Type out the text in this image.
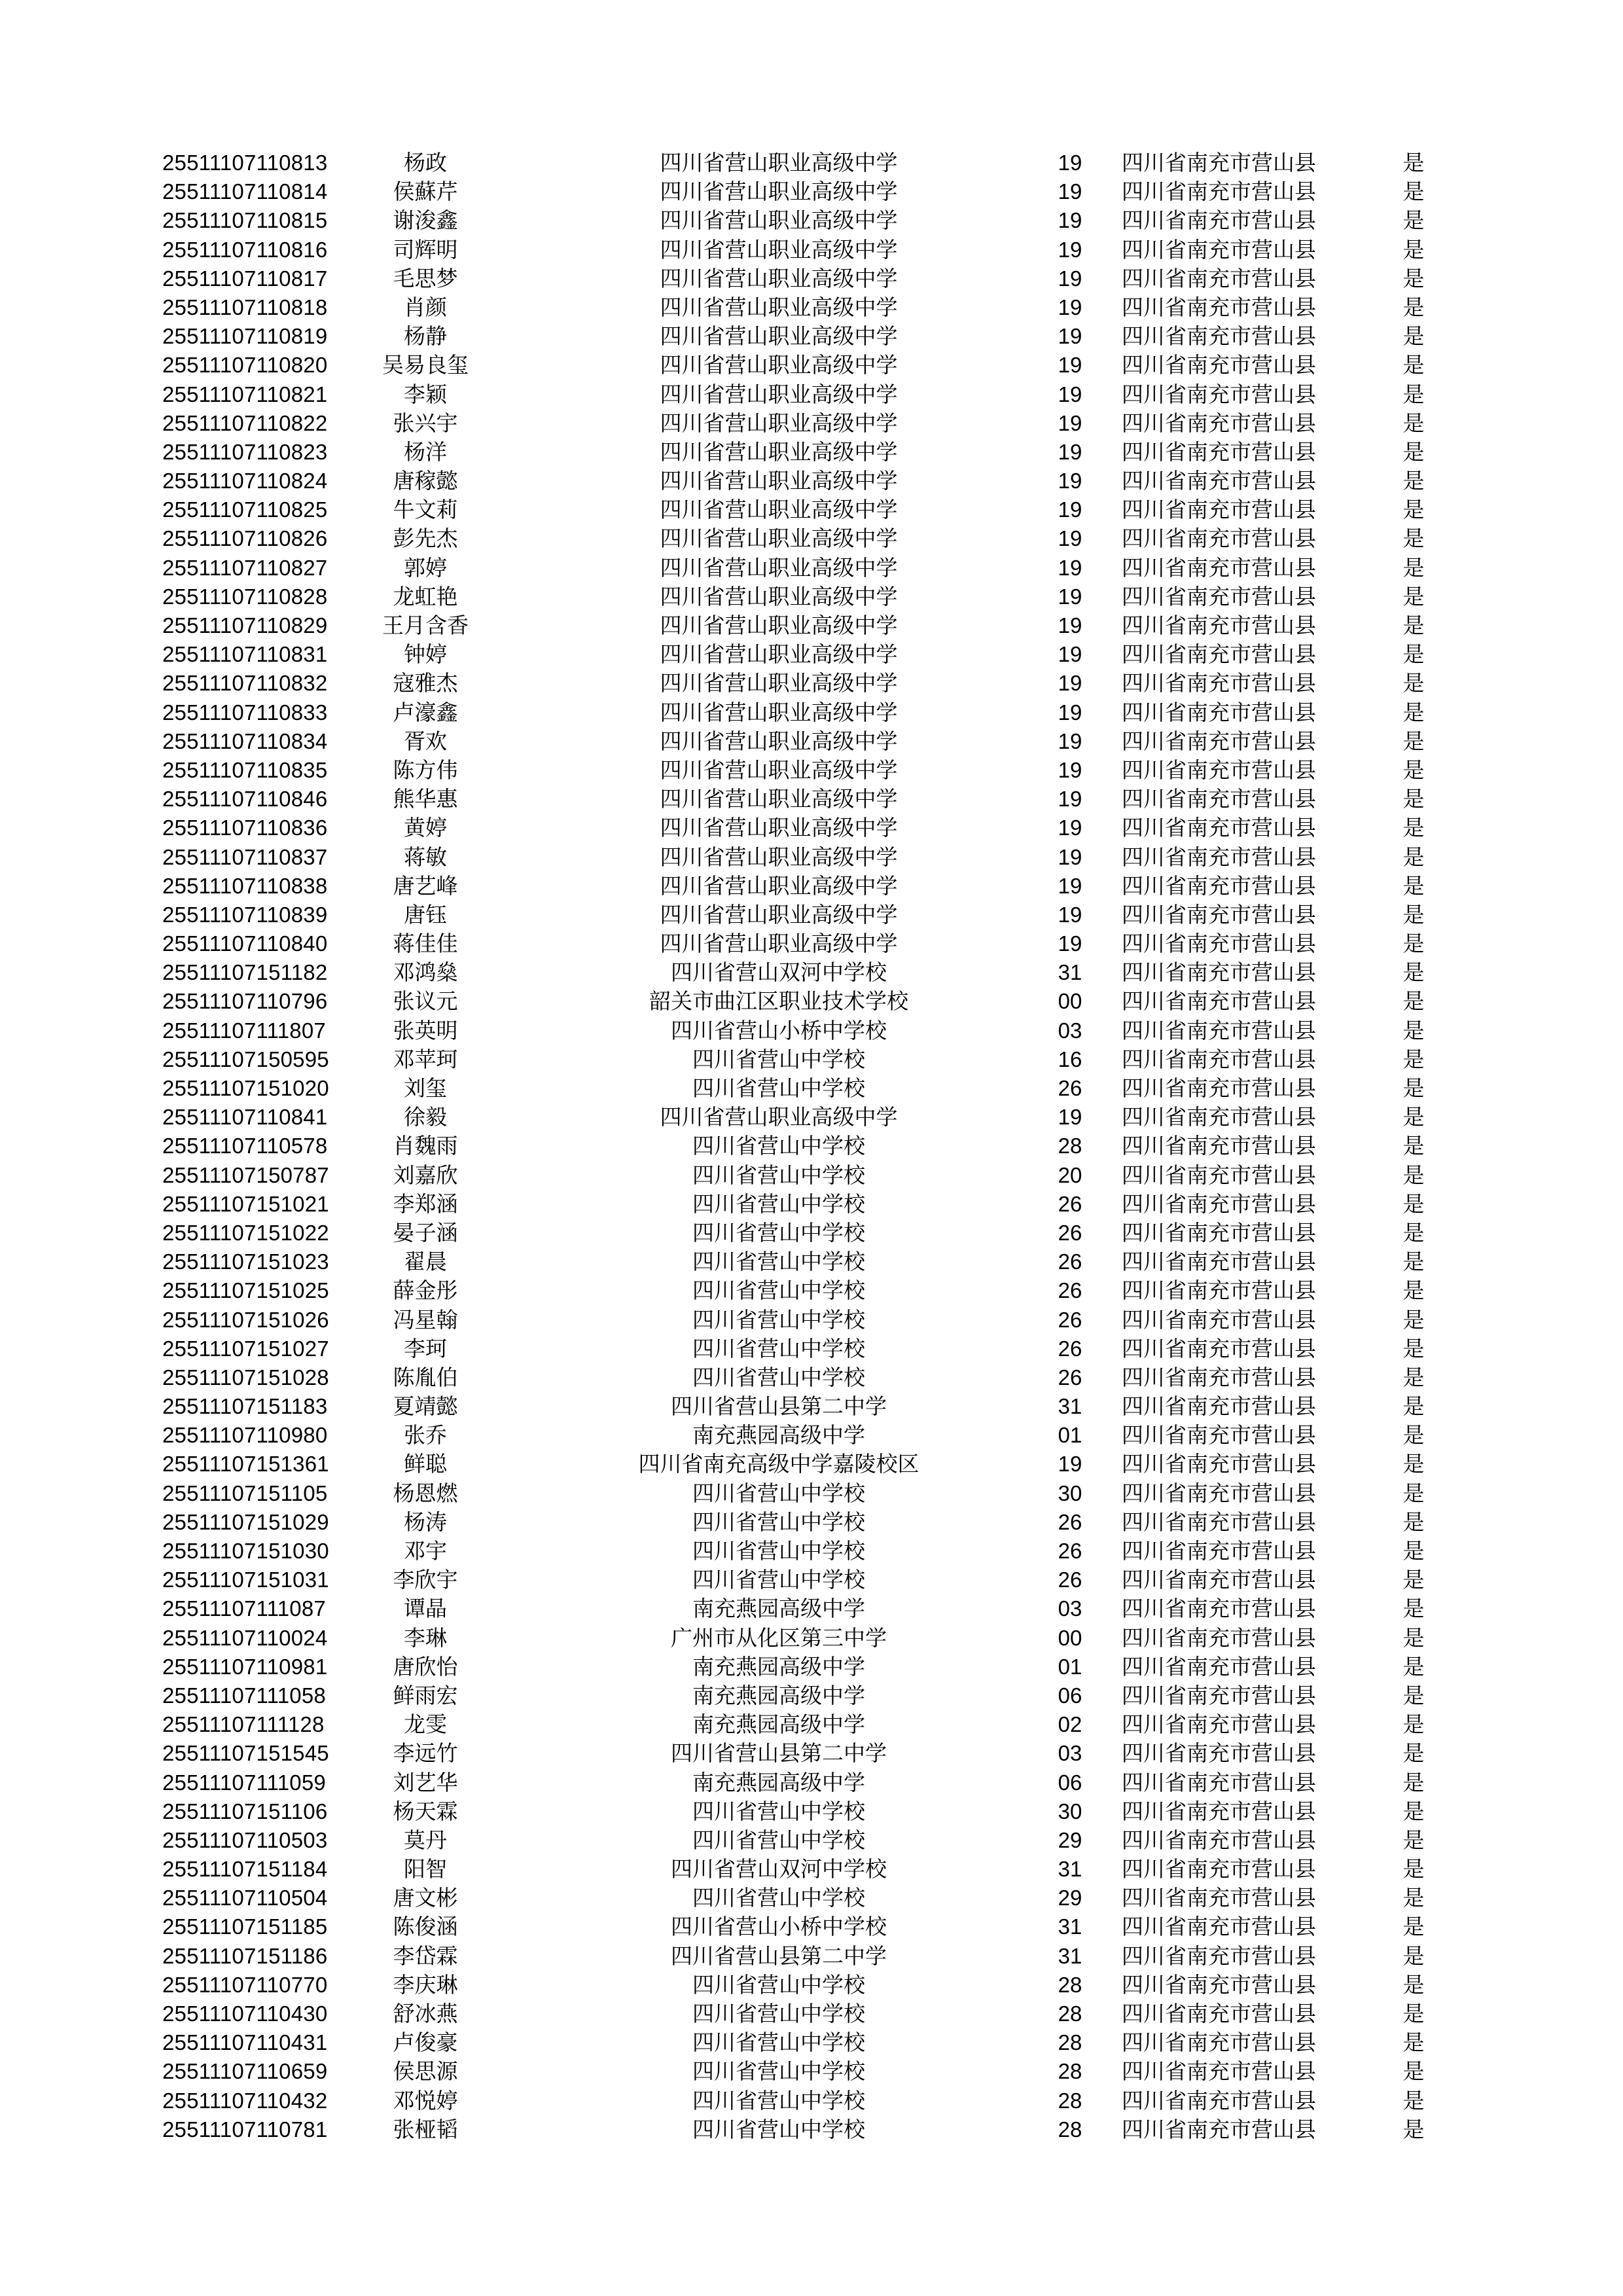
25511107110813	杨政	四川省营山职业高级中学	19	四川省南充市营山县	是
25511107110814	侯蘇芹	四川省营山职业高级中学	19	四川省南充市营山县	是
25511107110815	谢浚鑫	四川省营山职业高级中学	19	四川省南充市营山县	是
25511107110816	司辉明	四川省营山职业高级中学	19	四川省南充市营山县	是
25511107110817	毛思梦	四川省营山职业高级中学	19	四川省南充市营山县	是
25511107110818	肖颜	四川省营山职业高级中学	19	四川省南充市营山县	是
25511107110819	杨静	四川省营山职业高级中学	19	四川省南充市营山县	是
25511107110820	吴易良玺	四川省营山职业高级中学	19	四川省南充市营山县	是
25511107110821	李颖	四川省营山职业高级中学	19	四川省南充市营山县	是
25511107110822	张兴宇	四川省营山职业高级中学	19	四川省南充市营山县	是
25511107110823	杨洋	四川省营山职业高级中学	19	四川省南充市营山县	是
25511107110824	唐稼懿	四川省营山职业高级中学	19	四川省南充市营山县	是
25511107110825	牛文莉	四川省营山职业高级中学	19	四川省南充市营山县	是
25511107110826	彭先杰	四川省营山职业高级中学	19	四川省南充市营山县	是
25511107110827	郭婷	四川省营山职业高级中学	19	四川省南充市营山县	是
25511107110828	龙虹艳	四川省营山职业高级中学	19	四川省南充市营山县	是
25511107110829	王月含香	四川省营山职业高级中学	19	四川省南充市营山县	是
25511107110831	钟婷	四川省营山职业高级中学	19	四川省南充市营山县	是
25511107110832	寇雅杰	四川省营山职业高级中学	19	四川省南充市营山县	是
25511107110833	卢濠鑫	四川省营山职业高级中学	19	四川省南充市营山县	是
25511107110834	胥欢	四川省营山职业高级中学	19	四川省南充市营山县	是
25511107110835	陈方伟	四川省营山职业高级中学	19	四川省南充市营山县	是
25511107110846	熊华惠	四川省营山职业高级中学	19	四川省南充市营山县	是
25511107110836	黄婷	四川省营山职业高级中学	19	四川省南充市营山县	是
25511107110837	蒋敏	四川省营山职业高级中学	19	四川省南充市营山县	是
25511107110838	唐艺峰	四川省营山职业高级中学	19	四川省南充市营山县	是
25511107110839	唐钰	四川省营山职业高级中学	19	四川省南充市营山县	是
25511107110840	蒋佳佳	四川省营山职业高级中学	19	四川省南充市营山县	是
25511107151182	邓鸿燊	四川省营山双河中学校	31	四川省南充市营山县	是
25511107110796	张议元	韶关市曲江区职业技术学校	00	四川省南充市营山县	是
25511107111807	张英明	四川省营山小桥中学校	03	四川省南充市营山县	是
25511107150595	邓苹珂	四川省营山中学校	16	四川省南充市营山县	是
25511107151020	刘玺	四川省营山中学校	26	四川省南充市营山县	是
25511107110841	徐毅	四川省营山职业高级中学	19	四川省南充市营山县	是
25511107110578	肖魏雨	四川省营山中学校	28	四川省南充市营山县	是
25511107150787	刘嘉欣	四川省营山中学校	20	四川省南充市营山县	是
25511107151021	李郑涵	四川省营山中学校	26	四川省南充市营山县	是
25511107151022	晏子涵	四川省营山中学校	26	四川省南充市营山县	是
25511107151023	翟晨	四川省营山中学校	26	四川省南充市营山县	是
25511107151025	薛金彤	四川省营山中学校	26	四川省南充市营山县	是
25511107151026	冯星翰	四川省营山中学校	26	四川省南充市营山县	是
25511107151027	李珂	四川省营山中学校	26	四川省南充市营山县	是
25511107151028	陈胤伯	四川省营山中学校	26	四川省南充市营山县	是
25511107151183	夏靖懿	四川省营山县第二中学	31	四川省南充市营山县	是
25511107110980	张乔	南充燕园高级中学	01	四川省南充市营山县	是
25511107151361	鲜聪	四川省南充高级中学嘉陵校区	19	四川省南充市营山县	是
25511107151105	杨恩燃	四川省营山中学校	30	四川省南充市营山县	是
25511107151029	杨涛	四川省营山中学校	26	四川省南充市营山县	是
25511107151030	邓宇	四川省营山中学校	26	四川省南充市营山县	是
25511107151031	李欣宇	四川省营山中学校	26	四川省南充市营山县	是
25511107111087	谭晶	南充燕园高级中学	03	四川省南充市营山县	是
25511107110024	李琳	广州市从化区第三中学	00	四川省南充市营山县	是
25511107110981	唐欣怡	南充燕园高级中学	01	四川省南充市营山县	是
25511107111058	鲜雨宏	南充燕园高级中学	06	四川省南充市营山县	是
25511107111128	龙雯	南充燕园高级中学	02	四川省南充市营山县	是
25511107151545	李远竹	四川省营山县第二中学	03	四川省南充市营山县	是
25511107111059	刘艺华	南充燕园高级中学	06	四川省南充市营山县	是
25511107151106	杨天霖	四川省营山中学校	30	四川省南充市营山县	是
25511107110503	莫丹	四川省营山中学校	29	四川省南充市营山县	是
25511107151184	阳智	四川省营山双河中学校	31	四川省南充市营山县	是
25511107110504	唐文彬	四川省营山中学校	29	四川省南充市营山县	是
25511107151185	陈俊涵	四川省营山小桥中学校	31	四川省南充市营山县	是
25511107151186	李岱霖	四川省营山县第二中学	31	四川省南充市营山县	是
25511107110770	李庆琳	四川省营山中学校	28	四川省南充市营山县	是
25511107110430	舒冰燕	四川省营山中学校	28	四川省南充市营山县	是
25511107110431	卢俊豪	四川省营山中学校	28	四川省南充市营山县	是
25511107110659	侯思源	四川省营山中学校	28	四川省南充市营山县	是
25511107110432	邓悦婷	四川省营山中学校	28	四川省南充市营山县	是
25511107110781	张桠韬	四川省营山中学校	28	四川省南充市营山县	是
